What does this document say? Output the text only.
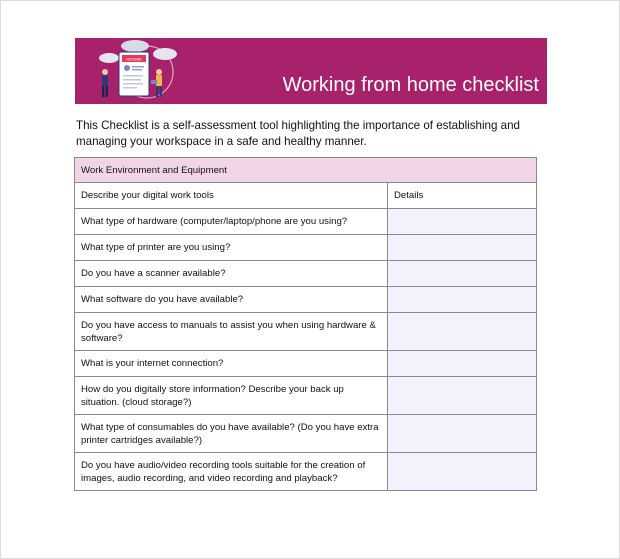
RESUME
Working from home checklist
This Checklist is a self-assessment tool highlighting the importance of establishing and managing your workspace in a safe and healthy manner.
Work Environment and Equipment	
Describe your digital work tools	Details
What type of hardware (computer/laptop/phone are you using?	
What type of printer are you using?	
Do you have a scanner available?	
What software do you have available?	
Do you have access to manuals to assist you when using hardware & software?	
What is your internet connection?	
How do you digitally store information? Describe your back up situation. (cloud storage?)	
What type of consumables do you have available? (Do you have extra printer cartridges available?)	
Do you have audio/video recording tools suitable for the creation of images, audio recording, and video recording and playback?	
